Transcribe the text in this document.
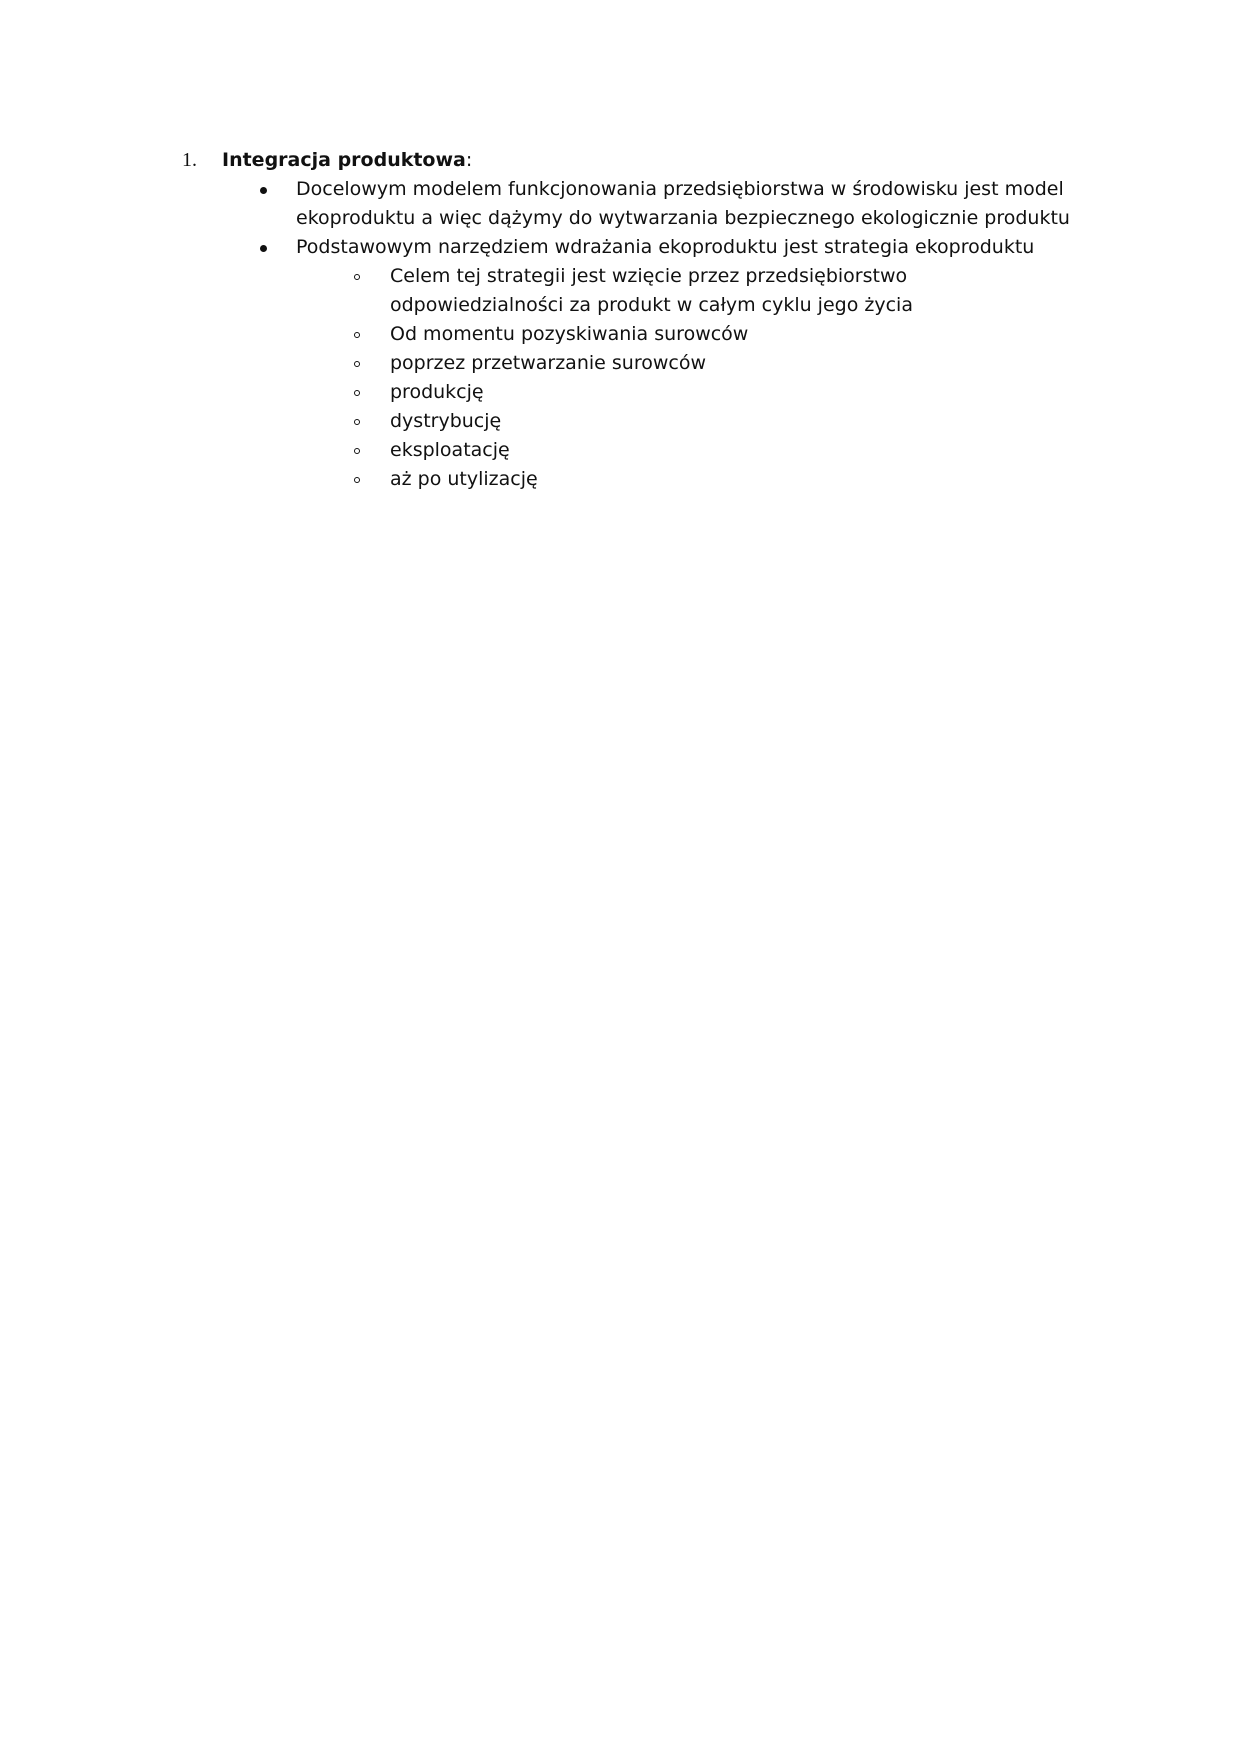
1. Integracja produktowa:
Docelowym modelem funkcjonowania przedsiębiorstwa w środowisku jest model ekoproduktu a więc dążymy do wytwarzania bezpiecznego ekologicznie produktu
Podstawowym narzędziem wdrażania ekoproduktu jest strategia ekoproduktu
Celem tej strategii jest wzięcie przez przedsiębiorstwo odpowiedzialności za produkt w całym cyklu jego życia
Od momentu pozyskiwania surowców
poprzez przetwarzanie surowców
produkcję
dystrybucję
eksploatację
aż po utylizację
